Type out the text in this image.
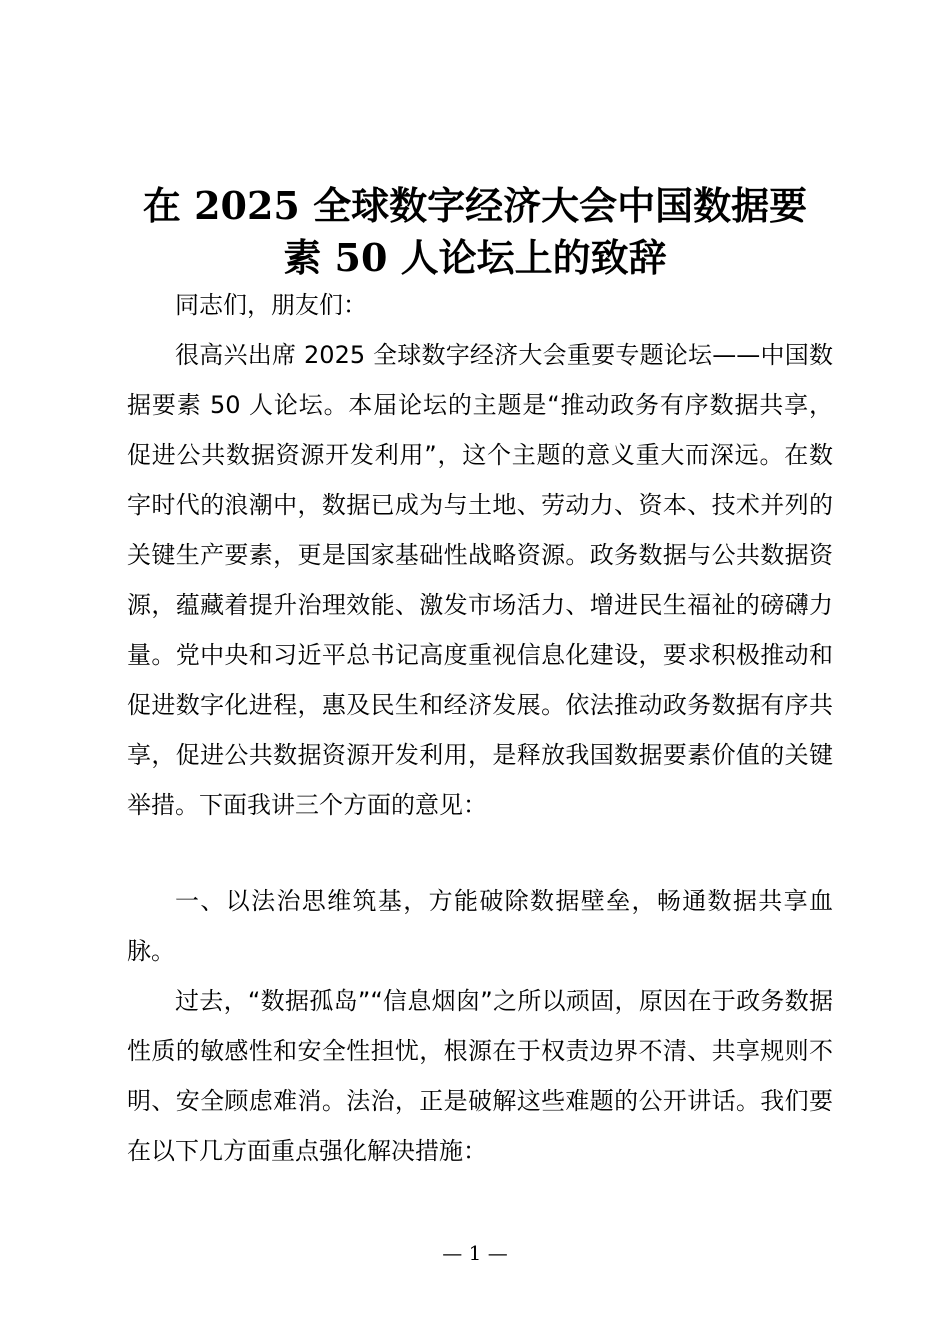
在 2025 全球数字经济大会中国数据要
素 50 人论坛上的致辞

同志们，朋友们：

很高兴出席 2025 全球数字经济大会重要专题论坛——中国数据要素 50 人论坛。本届论坛的主题是“推动政务有序数据共享，促进公共数据资源开发利用”，这个主题的意义重大而深远。在数字时代的浪潮中，数据已成为与土地、劳动力、资本、技术并列的关键生产要素，更是国家基础性战略资源。政务数据与公共数据资源，蕴藏着提升治理效能、激发市场活力、增进民生福祉的磅礴力量。党中央和习近平总书记高度重视信息化建设，要求积极推动和促进数字化进程，惠及民生和经济发展。依法推动政务数据有序共享，促进公共数据资源开发利用，是释放我国数据要素价值的关键举措。下面我讲三个方面的意见：

一、以法治思维筑基，方能破除数据壁垒，畅通数据共享血脉。

过去，“数据孤岛”“信息烟囱”之所以顽固，原因在于政务数据性质的敏感性和安全性担忧，根源在于权责边界不清、共享规则不明、安全顾虑难消。法治，正是破解这些难题的公开讲话。我们要在以下几方面重点强化解决措施：

— 1 —
